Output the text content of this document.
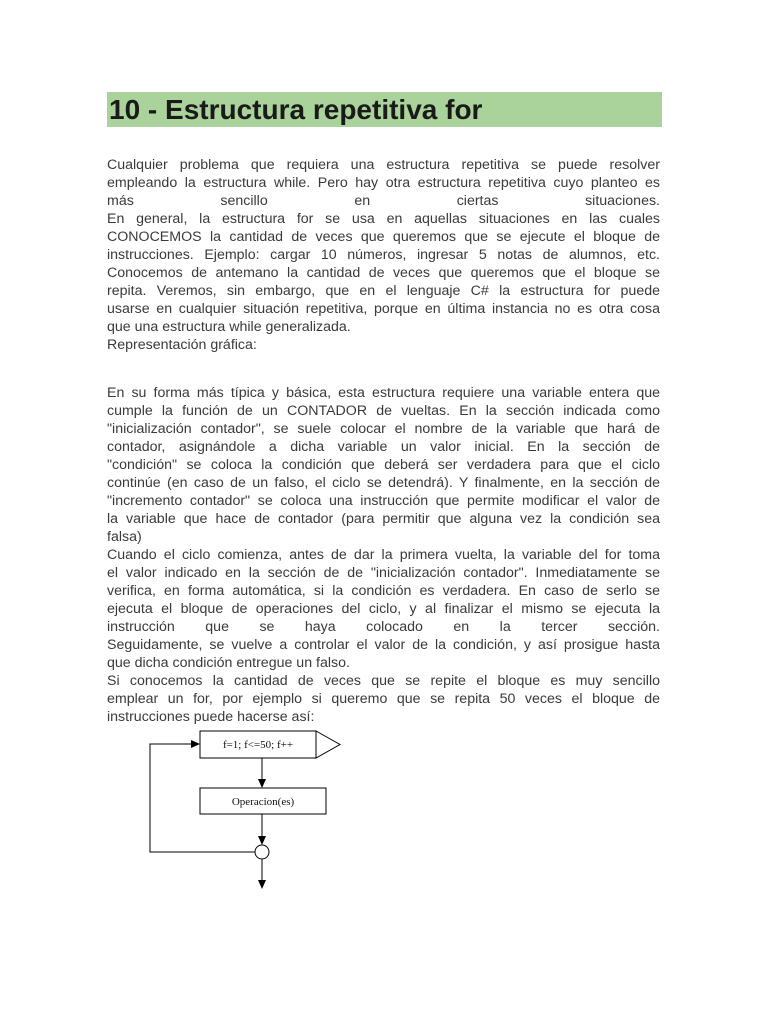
10 - Estructura repetitiva for
Cualquier problema que requiera una estructura repetitiva se puede resolver
empleando la estructura while. Pero hay otra estructura repetitiva cuyo planteo es
más sencillo en ciertas situaciones.
En general, la estructura for se usa en aquellas situaciones en las cuales
CONOCEMOS la cantidad de veces que queremos que se ejecute el bloque de
instrucciones. Ejemplo: cargar 10 números, ingresar 5 notas de alumnos, etc.
Conocemos de antemano la cantidad de veces que queremos que el bloque se
repita. Veremos, sin embargo, que en el lenguaje C# la estructura for puede
usarse en cualquier situación repetitiva, porque en última instancia no es otra cosa
que una estructura while generalizada.
Representación gráfica:
En su forma más típica y básica, esta estructura requiere una variable entera que
cumple la función de un CONTADOR de vueltas. En la sección indicada como
"inicialización contador", se suele colocar el nombre de la variable que hará de
contador, asignándole a dicha variable un valor inicial. En la sección de
"condición" se coloca la condición que deberá ser verdadera para que el ciclo
continúe (en caso de un falso, el ciclo se detendrá). Y finalmente, en la sección de
"incremento contador" se coloca una instrucción que permite modificar el valor de
la variable que hace de contador (para permitir que alguna vez la condición sea
falsa)
Cuando el ciclo comienza, antes de dar la primera vuelta, la variable del for toma
el valor indicado en la sección de de "inicialización contador". Inmediatamente se
verifica, en forma automática, si la condición es verdadera. En caso de serlo se
ejecuta el bloque de operaciones del ciclo, y al finalizar el mismo se ejecuta la
instrucción que se haya colocado en la tercer sección.
Seguidamente, se vuelve a controlar el valor de la condición, y así prosigue hasta
que dicha condición entregue un falso.
Si conocemos la cantidad de veces que se repite el bloque es muy sencillo
emplear un for, por ejemplo si queremo que se repita 50 veces el bloque de
instrucciones puede hacerse así:
f=1; f<=50; f++
Operacion(es)
